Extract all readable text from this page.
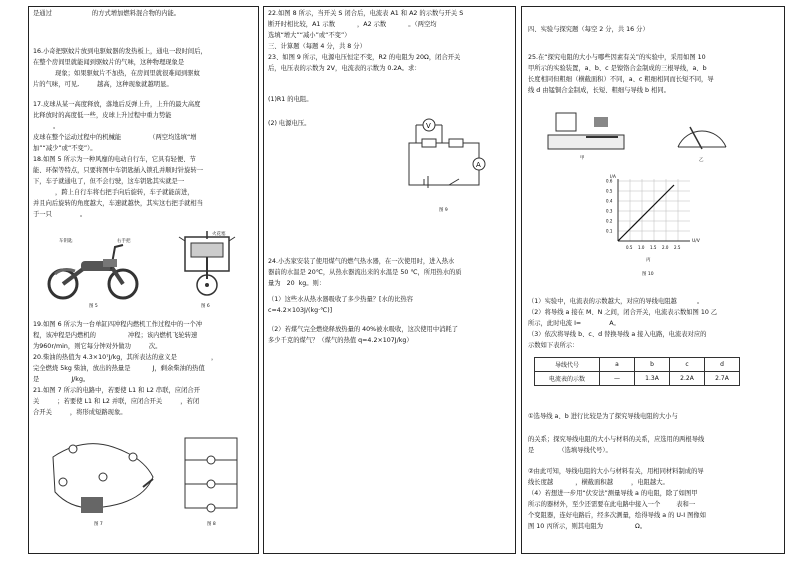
是通过                    的方式增加燃料混合物的内能。

16.小奇把驱蚊片放到电驱蚊器的发热板上，通电一段时间后，

在整个房间里就能闻到驱蚊片的气味，这种物理现象是

现象；如果驱蚊片不加热，在房间里就很难闻到驱蚊

片的气味，可见,         越高，这种现象就越明显。

17.皮球从某一高度释放，落地后反弹上升，上升的最大高度

比释放时的高度低一些，皮球上升过程中重力势能

。

皮球在整个运动过程中的机械能              （两空均选填“增

加”“减少”或“不变”）。

18.如图 5 所示为一种风靡的电动自行车，它具有轻便、节

能、环保等特点，只要将图中车钥匙插入锁孔并顺时针旋转一

下，车子就通电了，但不会行驶，这车钥匙其实就是一

，跨上自行车将右把手向后旋转，车子就能前进，

并且向后旋转的角度越大，车速就越快，其实这右把手就相当

于一只              。

车钥匙	右手把
图 5
火花塞
图 6

19.如图 6 所示为一台单缸四冲程内燃机工作过程中的一个冲

程，该冲程是内燃机的                冲程；该内燃机飞轮转速

为960r/min，则它每分钟对外做功         次。

20.柴油的热值为 4.3×10⁷J/kg，其所表达的意义是                 ，

完全燃烧 5kg 柴油，放出的热量是           J，剩余柴油的热值

是                J/kg。

21.如图 7 所示的电路中，若要使 L1 和 L2 串联，应闭合开

关         ；若要使 L1 和 L2 并联，应闭合开关         ，若闭

合开关         ，将形成短路现象。

图 7	图 8

22.如图 8 所示，当开关 S 闭合后，电流表 A1 和 A2 的示数与开关 S

断开时相比较，A1 示数           ，A2 示数           。（两空均

选填“增大”“减小”或“不变”）

三、计算题（每题 4 分，共 8 分）

23、如图 9 所示，电源电压恒定不变，R2 的电阻为 20Ω，闭合开关

后，电压表的示数为 2V，电流表的示数为 0.2A。求：

(1)R1 的电阻。

(2) 电源电压。	V
A
图 9

24.小杰家安装了使用煤气的燃气热水器，在一次使用时，进入热水

器前的水温是 20℃，从热水器流出来的水温是 50 ℃，所用热水的质

量为   20  kg。则：

（1）这些水从热水器吸收了多少热量？[水的比热容

c=4.2×103J/(kg·℃)]

（2）若煤气完全燃烧释放热量的 40%被水吸收，这次使用中消耗了

多少千克的煤气？（煤气的热值 q=4.2×107J/kg）

四、实验与探究题（每空 2 分，共 16 分）

25.在“探究电阻的大小与哪些因素有关”的实验中，采用如图 10

甲所示的实验装置，a、b、c 是镍铬合金制成的三根导线，a、b

长度相同但粗细（横截面积）不同，a、c 粗细相同而长短不同，导

线 d 由锰铜合金制成，长短、粗细与导线 b 相同。

甲	乙
0.5 1.0 1.5 2.0 2.5
0.1
0.2
0.3
0.4
0.5
0.6
I/A
U/V
丙
图 10

（1）实验中，电流表的示数越大，对应的导线电阻越          。

（2）将导线 a 接在 M、N 之间，闭合开关，电流表示数如图 10 乙

所示，此时电流 I=              A。

（3）依次将导线 b、c、d 替换导线 a 接入电路，电流表对应的

示数如下表所示：

导线代号	a	b	c	d
电流表的示数	—	1.3A	2.2A	2.7A

①选导线 a、b 进行比较是为了探究导线电阻的大小与

的关系；探究导线电阻的大小与材料的关系，应选用的两根导线

是            （选填导线代号）。

②由此可知，导线电阻的大小与材料有关，用相同材料制成的导

线长度越           ，横截面积越         ，电阻越大。

（4）若想进一步用“伏安法”测量导线 a 的电阻，除了如图甲

所示的器材外，至少还需要在此电路中接入一个        表和一

个变阻器，连好电路后，经多次测量，绘得导线 a 的 U-I 图像如

图 10 丙所示，则其电阻为                Ω。
